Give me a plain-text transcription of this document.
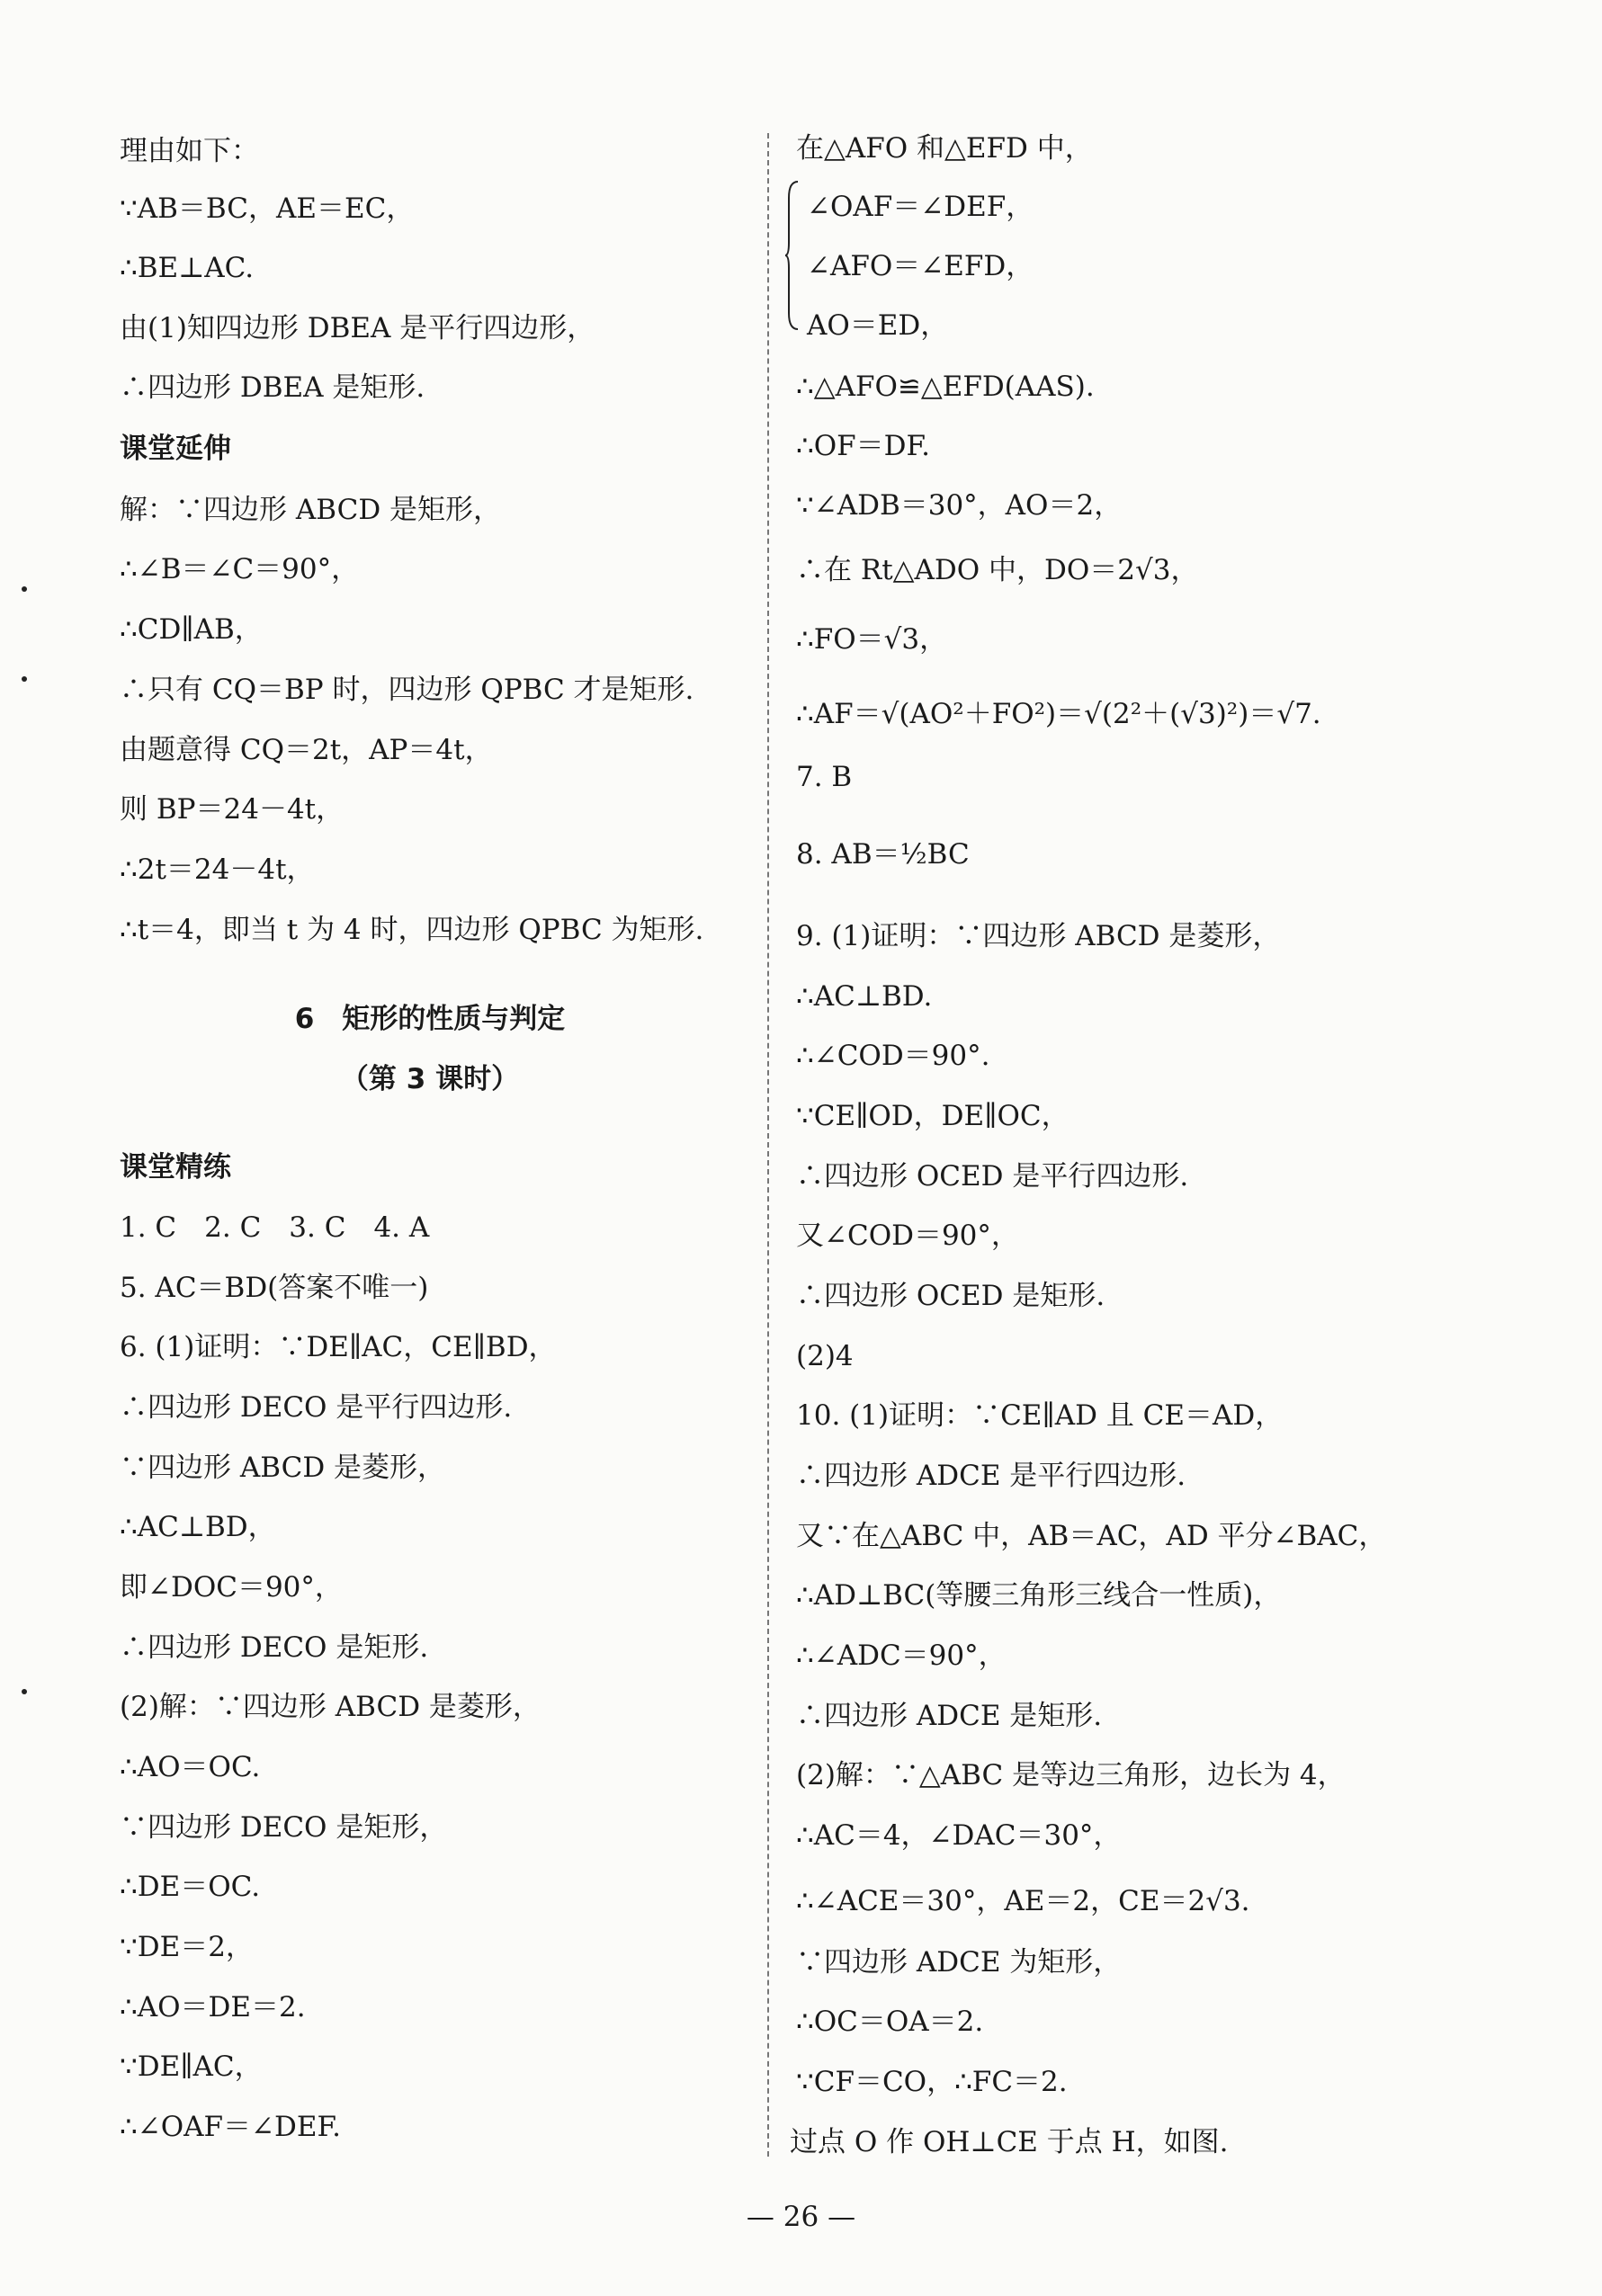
理由如下：
∵AB＝BC，AE＝EC，
∴BE⊥AC.
由(1)知四边形 DBEA 是平行四边形，
∴四边形 DBEA 是矩形.
课堂延伸
解：∵四边形 ABCD 是矩形，
∴∠B＝∠C＝90°，
∴CD∥AB，
∴只有 CQ＝BP 时，四边形 QPBC 才是矩形.
由题意得 CQ＝2t，AP＝4t，
则 BP＝24－4t，
∴2t＝24－4t，
∴t＝4，即当 t 为 4 时，四边形 QPBC 为矩形.
6　矩形的性质与判定
（第 3 课时）
课堂精练
1. C　2. C　3. C　4. A
5. AC＝BD(答案不唯一)
6. (1)证明：∵DE∥AC，CE∥BD，
∴四边形 DECO 是平行四边形.
∵四边形 ABCD 是菱形，
∴AC⊥BD，
即∠DOC＝90°，
∴四边形 DECO 是矩形.
(2)解：∵四边形 ABCD 是菱形，
∴AO＝OC.
∵四边形 DECO 是矩形，
∴DE＝OC.
∵DE＝2，
∴AO＝DE＝2.
∵DE∥AC，
∴∠OAF＝∠DEF.
在△AFO 和△EFD 中，
∠OAF＝∠DEF，
∠AFO＝∠EFD，
AO＝ED，
∴△AFO≌△EFD(AAS).
∴OF＝DF.
∵∠ADB＝30°，AO＝2，
∴在 Rt△ADO 中，DO＝2√3，
∴FO＝√3，
∴AF＝√(AO²＋FO²)＝√(2²＋(√3)²)＝√7.
7. B
8. AB＝½BC
9. (1)证明：∵四边形 ABCD 是菱形，
∴AC⊥BD.
∴∠COD＝90°.
∵CE∥OD，DE∥OC，
∴四边形 OCED 是平行四边形.
又∠COD＝90°，
∴四边形 OCED 是矩形.
(2)4
10. (1)证明：∵CE∥AD 且 CE＝AD，
∴四边形 ADCE 是平行四边形.
又∵在△ABC 中，AB＝AC，AD 平分∠BAC，
∴AD⊥BC(等腰三角形三线合一性质)，
∴∠ADC＝90°，
∴四边形 ADCE 是矩形.
(2)解：∵△ABC 是等边三角形，边长为 4，
∴AC＝4，∠DAC＝30°，
∴∠ACE＝30°，AE＝2，CE＝2√3.
∵四边形 ADCE 为矩形，
∴OC＝OA＝2.
∵CF＝CO，∴FC＝2.
过点 O 作 OH⊥CE 于点 H，如图.
— 26 —
